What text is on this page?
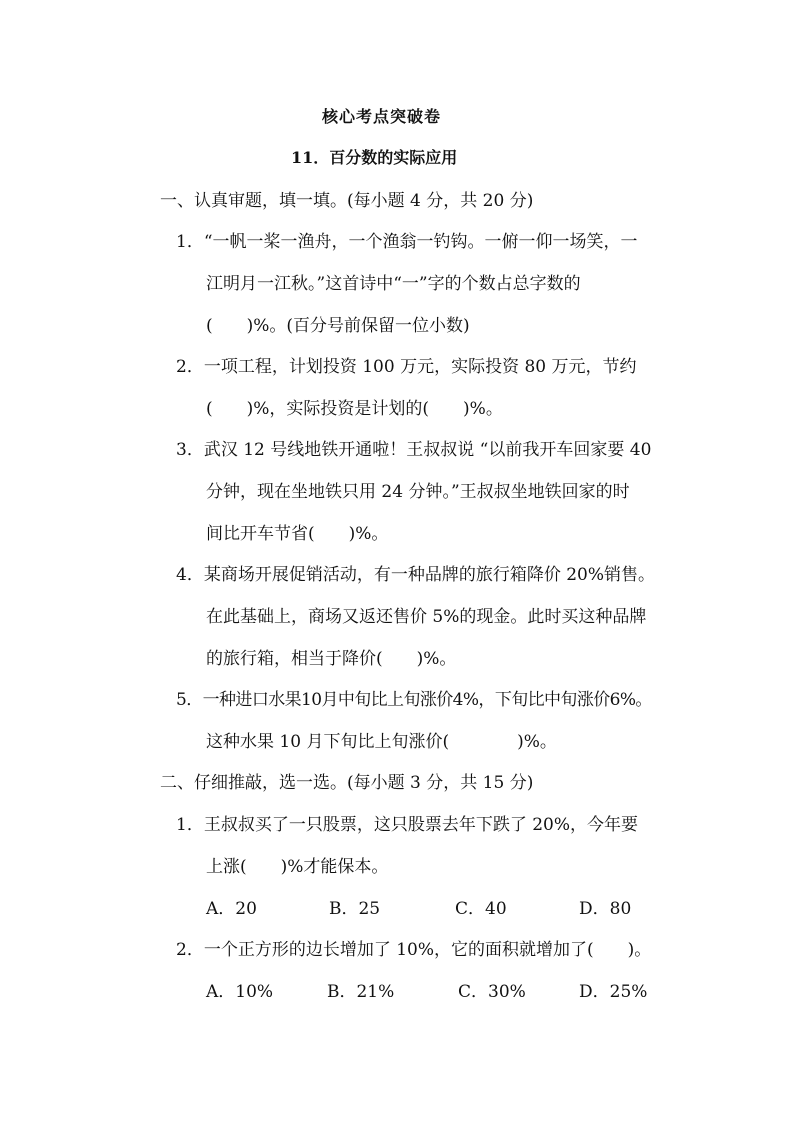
核心考点突破卷
11．百分数的实际应用
一、认真审题，填一填。(每小题 4 分，共 20 分)
1．“一帆一桨一渔舟，一个渔翁一钓钩。一俯一仰一场笑，一
江明月一江秋。”这首诗中“一”字的个数占总字数的
(　　)%。(百分号前保留一位小数)
2．一项工程，计划投资 100 万元，实际投资 80 万元，节约
(　　)%，实际投资是计划的(　　)%。
3．武汉 12 号线地铁开通啦！王叔叔说 “以前我开车回家要 40
分钟，现在坐地铁只用 24 分钟。”王叔叔坐地铁回家的时
间比开车节省(　　)%。
4．某商场开展促销活动，有一种品牌的旅行箱降价 20%销售。
在此基础上，商场又返还售价 5%的现金。此时买这种品牌
的旅行箱，相当于降价(　　)%。
5．一种进口水果10月中旬比上旬涨价4%，下旬比中旬涨价6%。
这种水果 10 月下旬比上旬涨价(　　　　)%。
二、仔细推敲，选一选。(每小题 3 分，共 15 分)
1．王叔叔买了一只股票，这只股票去年下跌了 20%，今年要
上涨(　　)%才能保本。
A．20	B．25	C．40	D．80
2．一个正方形的边长增加了 10%，它的面积就增加了(　　)。
A．10%	B．21%	C．30%	D．25%
